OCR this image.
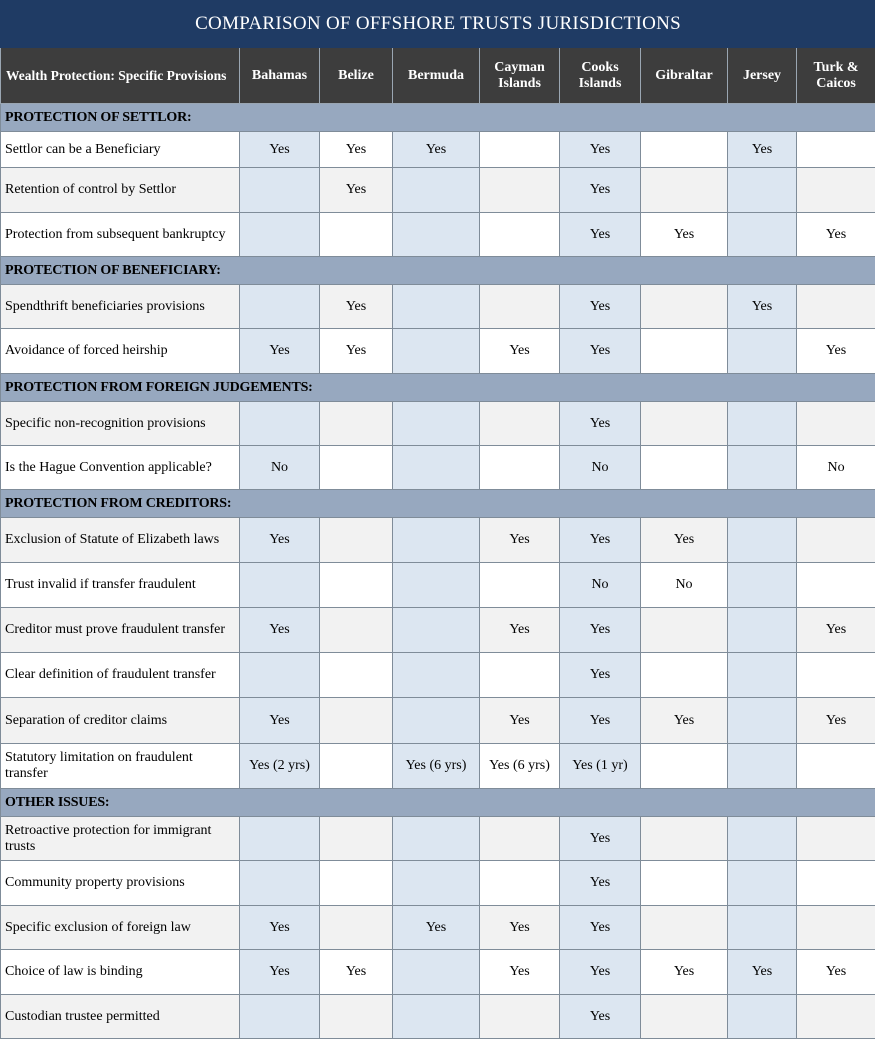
COMPARISON OF OFFSHORE TRUSTS JURISDICTIONS								
Wealth Protection: Specific Provisions	Bahamas	Belize	Bermuda	Cayman Islands	Cooks Islands	Gibraltar	Jersey	Turk & Caicos
PROTECTION OF SETTLOR:								
Settlor can be a Beneficiary	Yes	Yes	Yes		Yes		Yes	
Retention of control by Settlor		Yes			Yes			
Protection from subsequent bankruptcy					Yes	Yes		Yes
PROTECTION OF BENEFICIARY:								
Spendthrift beneficiaries provisions		Yes			Yes		Yes	
Avoidance of forced heirship	Yes	Yes		Yes	Yes			Yes
PROTECTION FROM FOREIGN JUDGEMENTS:								
Specific non-recognition provisions					Yes			
Is the Hague Convention applicable?	No				No			No
PROTECTION FROM CREDITORS:								
Exclusion of Statute of Elizabeth laws	Yes			Yes	Yes	Yes		
Trust invalid if transfer fraudulent					No	No		
Creditor must prove fraudulent transfer	Yes			Yes	Yes			Yes
Clear definition of fraudulent transfer					Yes			
Separation of creditor claims	Yes			Yes	Yes	Yes		Yes
Statutory limitation on fraudulent transfer	Yes (2 yrs)		Yes (6 yrs)	Yes (6 yrs)	Yes (1 yr)			
OTHER ISSUES:								
Retroactive protection for immigrant trusts					Yes			
Community property provisions					Yes			
Specific exclusion of foreign law	Yes		Yes	Yes	Yes			
Choice of law is binding	Yes	Yes		Yes	Yes	Yes	Yes	Yes
Custodian trustee permitted					Yes			
